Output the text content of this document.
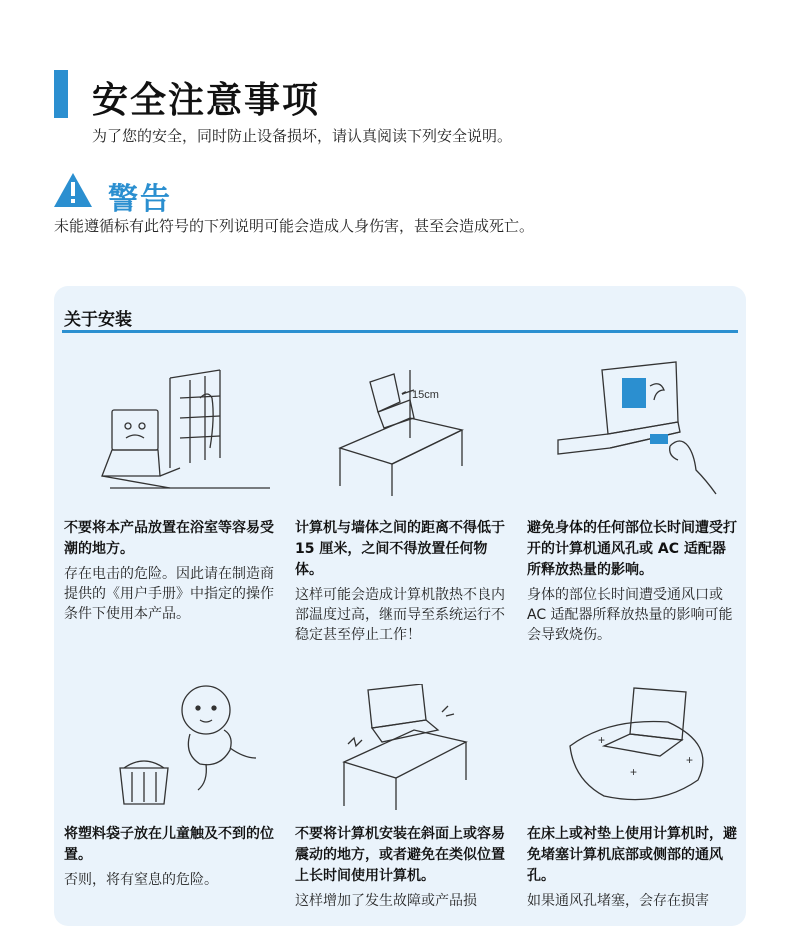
安全注意事项
为了您的安全，同时防止设备损坏，请认真阅读下列安全说明。
警告
未能遵循标有此符号的下列说明可能会造成人身伤害，甚至会造成死亡。
关于安装
15cm
+
+
+
不要将本产品放置在浴室等容易受潮的地方。
存在电击的危险。因此请在制造商提供的《用户手册》中指定的操作条件下使用本产品。
计算机与墙体之间的距离不得低于 15 厘米，之间不得放置任何物体。
这样可能会造成计算机散热不良内部温度过高，继而导至系统运行不稳定甚至停止工作！
避免身体的任何部位长时间遭受打开的计算机通风孔或 AC 适配器所释放热量的影响。
身体的部位长时间遭受通风口或 AC 适配器所释放热量的影响可能会导致烧伤。
将塑料袋子放在儿童触及不到的位置。
否则，将有窒息的危险。
不要将计算机安装在斜面上或容易震动的地方，或者避免在类似位置上长时间使用计算机。
这样增加了发生故障或产品损
在床上或衬垫上使用计算机时，避免堵塞计算机底部或侧部的通风孔。
如果通风孔堵塞，会存在损害
